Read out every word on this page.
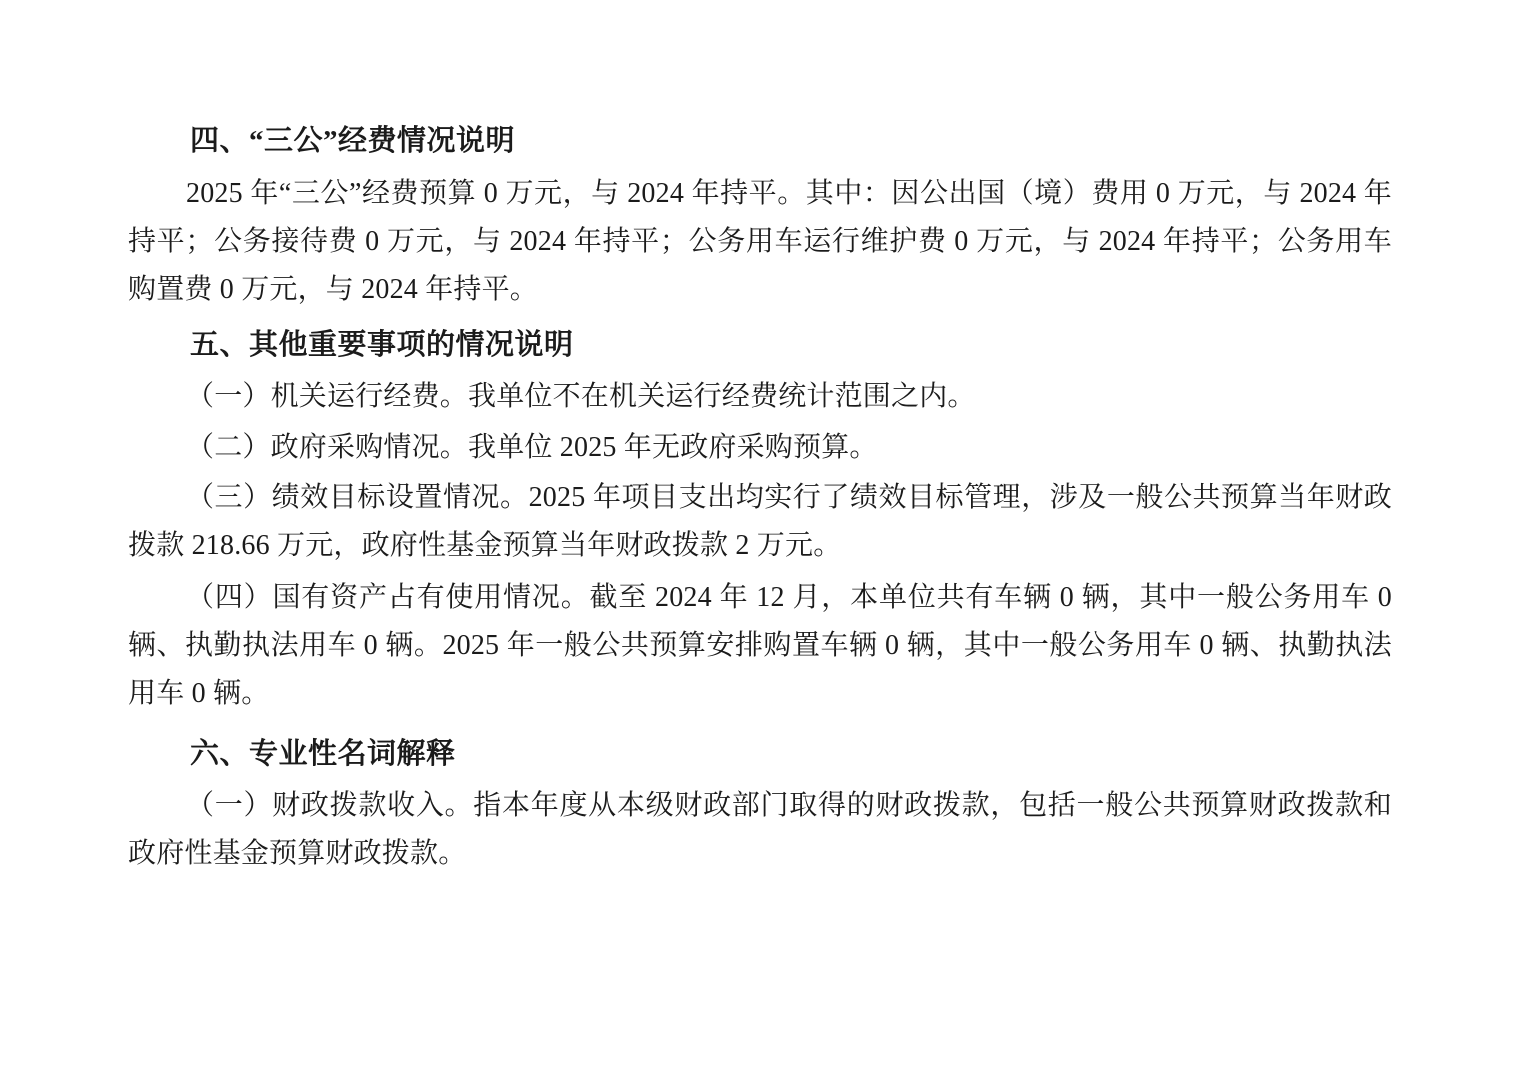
四、“三公”经费情况说明

2025 年“三公”经费预算 0 万元，与 2024 年持平。其中：因公出国（境）费用 0 万元，与 2024 年持平；公务接待费 0 万元，与 2024 年持平；公务用车运行维护费 0 万元，与 2024 年持平；公务用车购置费 0 万元，与 2024 年持平。

五、其他重要事项的情况说明

（一）机关运行经费。我单位不在机关运行经费统计范围之内。

（二）政府采购情况。我单位 2025 年无政府采购预算。

（三）绩效目标设置情况。2025 年项目支出均实行了绩效目标管理，涉及一般公共预算当年财政拨款 218.66 万元，政府性基金预算当年财政拨款 2 万元。

（四）国有资产占有使用情况。截至 2024 年 12 月，本单位共有车辆 0 辆，其中一般公务用车 0 辆、执勤执法用车 0 辆。2025 年一般公共预算安排购置车辆 0 辆，其中一般公务用车 0 辆、执勤执法用车 0 辆。

六、专业性名词解释

（一）财政拨款收入。指本年度从本级财政部门取得的财政拨款，包括一般公共预算财政拨款和政府性基金预算财政拨款。
